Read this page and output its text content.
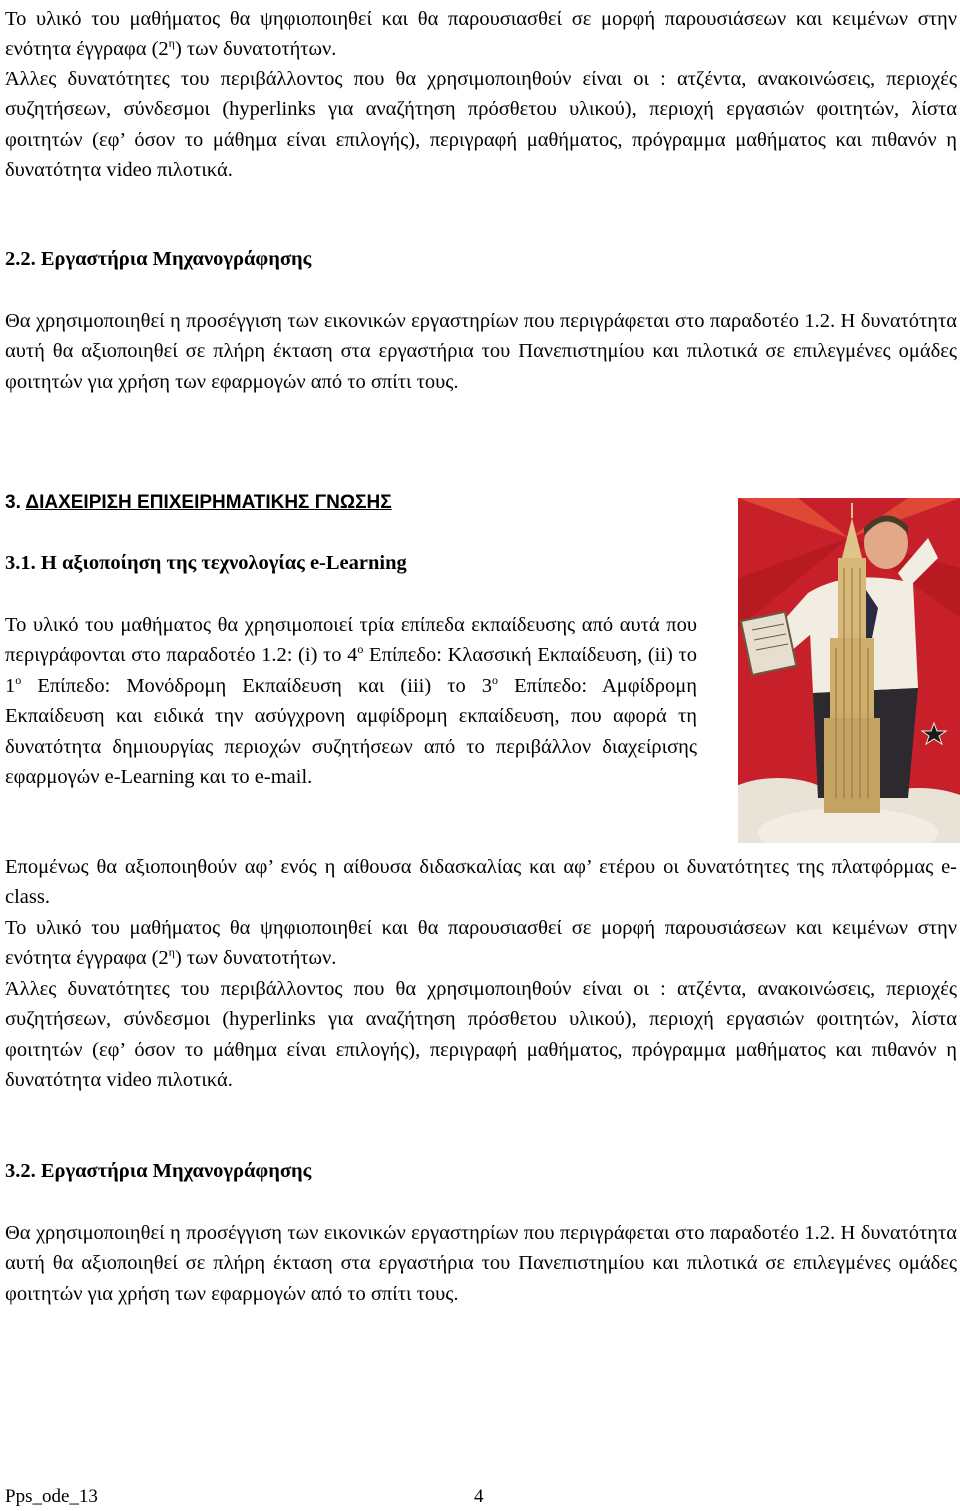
Το υλικό του μαθήματος θα ψηφιοποιηθεί και θα παρουσιασθεί σε μορφή παρουσιάσεων και κειμένων στην ενότητα έγγραφα $(2^\eta)$ των δυνατοτήτων.
Άλλες δυνατότητες του περιβάλλοντος που θα χρησιμοποιηθούν είναι οι : ατζέντα, ανακοινώσεις, περιοχές συζητήσεων, σύνδεσμοι (hyperlinks για αναζήτηση πρόσθετου υλικού), περιοχή εργασιών φοιτητών, λίστα φοιτητών (εφ’ όσον το μάθημα είναι επιλογής), περιγραφή μαθήματος, πρόγραμμα μαθήματος και πιθανόν η δυνατότητα video πιλοτικά.
2.2. Εργαστήρια Μηχανογράφησης
Θα χρησιμοποιηθεί η προσέγγιση των εικονικών εργαστηρίων που περιγράφεται στο παραδοτέο 1.2. Η δυνατότητα αυτή θα αξιοποιηθεί σε πλήρη έκταση στα εργαστήρια του Πανεπιστημίου και πιλοτικά σε επιλεγμένες ομάδες φοιτητών για χρήση των εφαρμογών από το σπίτι τους.
3. ΔΙΑΧΕΙΡΙΣΗ ΕΠΙΧΕΙΡΗΜΑΤΙΚΗΣ ΓΝΩΣΗΣ
3.1. Η αξιοποίηση της τεχνολογίας e-Learning
Το υλικό του μαθήματος θα χρησιμοποιεί τρία επίπεδα εκπαίδευσης από αυτά που περιγράφονται στο παραδοτέο 1.2: (i) το $4^o$ Επίπεδο: Κλασσική Εκπαίδευση, (ii) το $1^o$ Επίπεδο: Μονόδρομη Εκπαίδευση και (iii) το $3^o$ Επίπεδο: Αμφίδρομη Εκπαίδευση και ειδικά την ασύγχρονη αμφίδρομη εκπαίδευση, που αφορά τη δυνατότητα δημιουργίας περιοχών συζητήσεων από το περιβάλλον διαχείρισης εφαρμογών e-Learning και το e-mail.
Επομένως θα αξιοποιηθούν αφ’ ενός η αίθουσα διδασκαλίας και αφ’ ετέρου οι δυνατότητες της πλατφόρμας e-class.
Το υλικό του μαθήματος θα ψηφιοποιηθεί και θα παρουσιασθεί σε μορφή παρουσιάσεων και κειμένων στην ενότητα έγγραφα $(2^\eta)$ των δυνατοτήτων.
Άλλες δυνατότητες του περιβάλλοντος που θα χρησιμοποιηθούν είναι οι : ατζέντα, ανακοινώσεις, περιοχές συζητήσεων, σύνδεσμοι (hyperlinks για αναζήτηση πρόσθετου υλικού), περιοχή εργασιών φοιτητών, λίστα φοιτητών (εφ’ όσον το μάθημα είναι επιλογής), περιγραφή μαθήματος, πρόγραμμα μαθήματος και πιθανόν η δυνατότητα video πιλοτικά.
3.2. Εργαστήρια Μηχανογράφησης
Θα χρησιμοποιηθεί η προσέγγιση των εικονικών εργαστηρίων που περιγράφεται στο παραδοτέο 1.2. Η δυνατότητα αυτή θα αξιοποιηθεί σε πλήρη έκταση στα εργαστήρια του Πανεπιστημίου και πιλοτικά σε επιλεγμένες ομάδες φοιτητών για χρήση των εφαρμογών από το σπίτι τους.
Pps_ode_13	4
